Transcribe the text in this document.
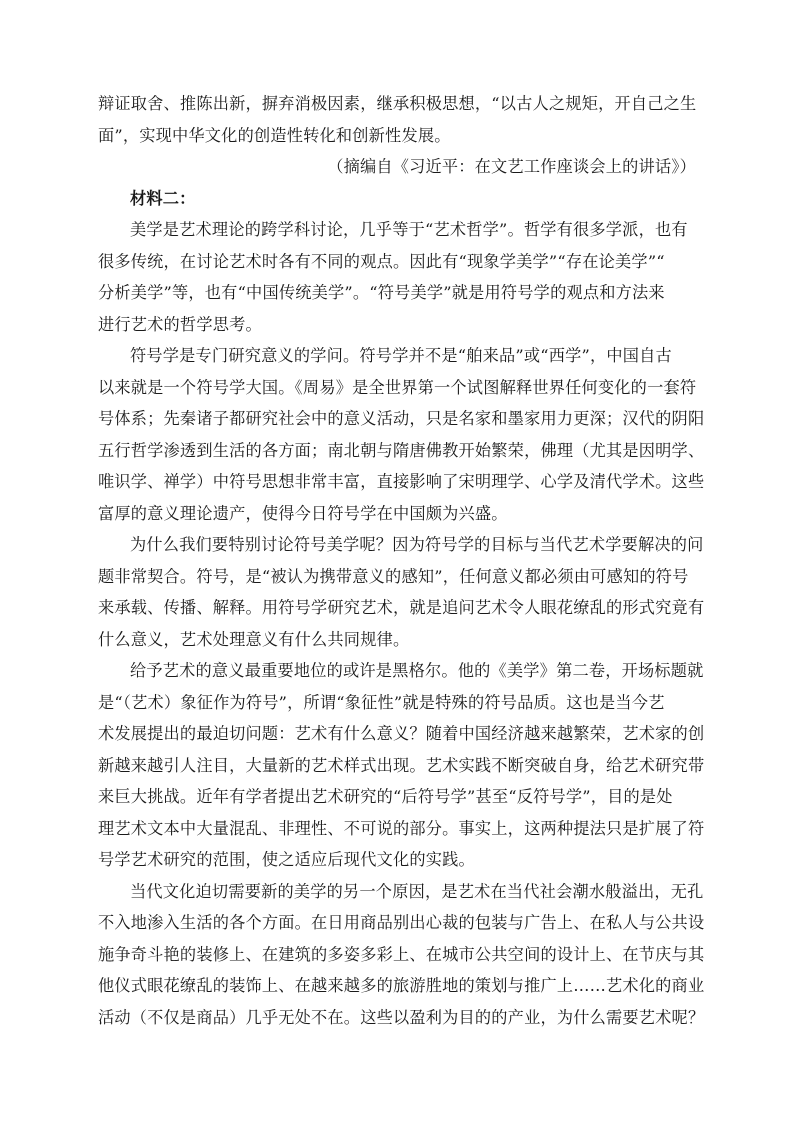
辩证取舍、推陈出新，摒弃消极因素，继承积极思想，“以古人之规矩，开自己之生
面”，实现中华文化的创造性转化和创新性发展。
（摘编自《习近平：在文艺工作座谈会上的讲话》）
材料二：
美学是艺术理论的跨学科讨论，几乎等于“艺术哲学”。哲学有很多学派，也有
很多传统，在讨论艺术时各有不同的观点。因此有“现象学美学”“存在论美学”“
分析美学”等，也有“中国传统美学”。“符号美学”就是用符号学的观点和方法来
进行艺术的哲学思考。
符号学是专门研究意义的学问。符号学并不是“舶来品”或“西学”，中国自古
以来就是一个符号学大国。《周易》是全世界第一个试图解释世界任何变化的一套符
号体系；先秦诸子都研究社会中的意义活动，只是名家和墨家用力更深；汉代的阴阳
五行哲学渗透到生活的各方面；南北朝与隋唐佛教开始繁荣，佛理（尤其是因明学、
唯识学、禅学）中符号思想非常丰富，直接影响了宋明理学、心学及清代学术。这些
富厚的意义理论遗产，使得今日符号学在中国颇为兴盛。
为什么我们要特别讨论符号美学呢？因为符号学的目标与当代艺术学要解决的问
题非常契合。符号，是“被认为携带意义的感知”，任何意义都必须由可感知的符号
来承载、传播、解释。用符号学研究艺术，就是追问艺术令人眼花缭乱的形式究竟有
什么意义，艺术处理意义有什么共同规律。
给予艺术的意义最重要地位的或许是黑格尔。他的《美学》第二卷，开场标题就
是“（艺术）象征作为符号”，所谓“象征性”就是特殊的符号品质。这也是当今艺
术发展提出的最迫切问题：艺术有什么意义？随着中国经济越来越繁荣，艺术家的创
新越来越引人注目，大量新的艺术样式出现。艺术实践不断突破自身，给艺术研究带
来巨大挑战。近年有学者提出艺术研究的“后符号学”甚至“反符号学”，目的是处
理艺术文本中大量混乱、非理性、不可说的部分。事实上，这两种提法只是扩展了符
号学艺术研究的范围，使之适应后现代文化的实践。
当代文化迫切需要新的美学的另一个原因，是艺术在当代社会潮水般溢出，无孔
不入地渗入生活的各个方面。在日用商品别出心裁的包装与广告上、在私人与公共设
施争奇斗艳的装修上、在建筑的多姿多彩上、在城市公共空间的设计上、在节庆与其
他仪式眼花缭乱的装饰上、在越来越多的旅游胜地的策划与推广上……艺术化的商业
活动（不仅是商品）几乎无处不在。这些以盈利为目的的产业，为什么需要艺术呢？
